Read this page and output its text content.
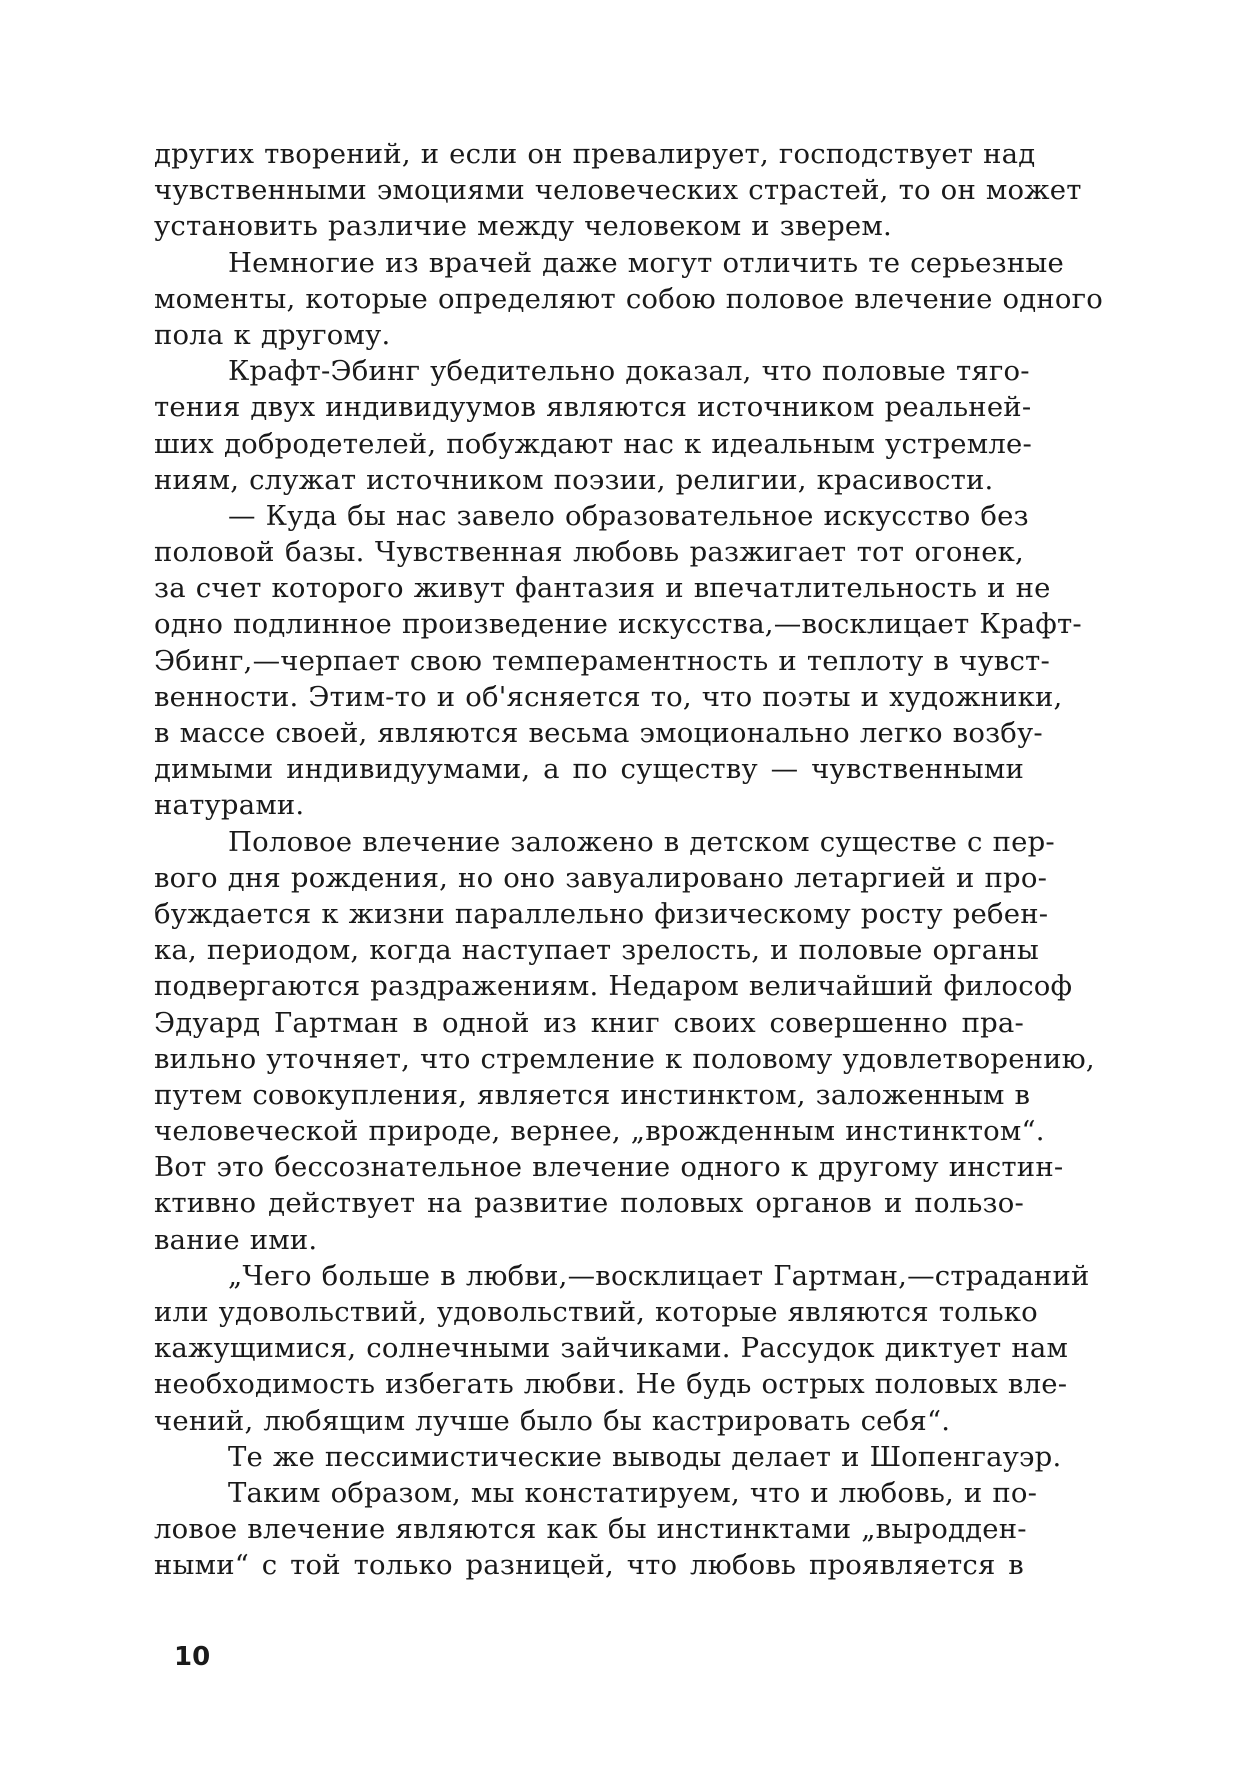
других творений, и если он превалирует, господствует над
чувственными эмоциями человеческих страстей, то он может
установить различие между человеком и зверем.
Немногие из врачей даже могут отличить те серьезные
моменты, которые определяют собою половое влечение одного
пола к другому.
Крафт-Эбинг убедительно доказал, что половые тяго-
тения двух индивидуумов являются источником реальней-
ших добродетелей, побуждают нас к идеальным устремле-
ниям, служат источником поэзии, религии, красивости.
— Куда бы нас завело образовательное искусство без
половой базы. Чувственная любовь разжигает тот огонек,
за счет которого живут фантазия и впечатлительность и не
одно подлинное произведение искусства,—восклицает Крафт-
Эбинг,—черпает свою темпераментность и теплоту в чувст-
венности. Этим-то и об'ясняется то, что поэты и художники,
в массе своей, являются весьма эмоционально легко возбу-
димыми индивидуумами, а по существу — чувственными
натурами.
Половое влечение заложено в детском существе с пер-
вого дня рождения, но оно завуалировано летаргией и про-
буждается к жизни параллельно физическому росту ребен-
ка, периодом, когда наступает зрелость, и половые органы
подвергаются раздражениям. Недаром величайший философ
Эдуард Гартман в одной из книг своих совершенно пра-
вильно уточняет, что стремление к половому удовлетворению,
путем совокупления, является инстинктом, заложенным в
человеческой природе, вернее, „врожденным инстинктом“.
Вот это бессознательное влечение одного к другому инстин-
ктивно действует на развитие половых органов и пользо-
вание ими.
„Чего больше в любви,—восклицает Гартман,—страданий
или удовольствий, удовольствий, которые являются только
кажущимися, солнечными зайчиками. Рассудок диктует нам
необходимость избегать любви. Не будь острых половых вле-
чений, любящим лучше было бы кастрировать себя“.
Те же пессимистические выводы делает и Шопенгауэр.
Таким образом, мы констатируем, что и любовь, и по-
ловое влечение являются как бы инстинктами „выродден-
ными“ с той только разницей, что любовь проявляется в
10
